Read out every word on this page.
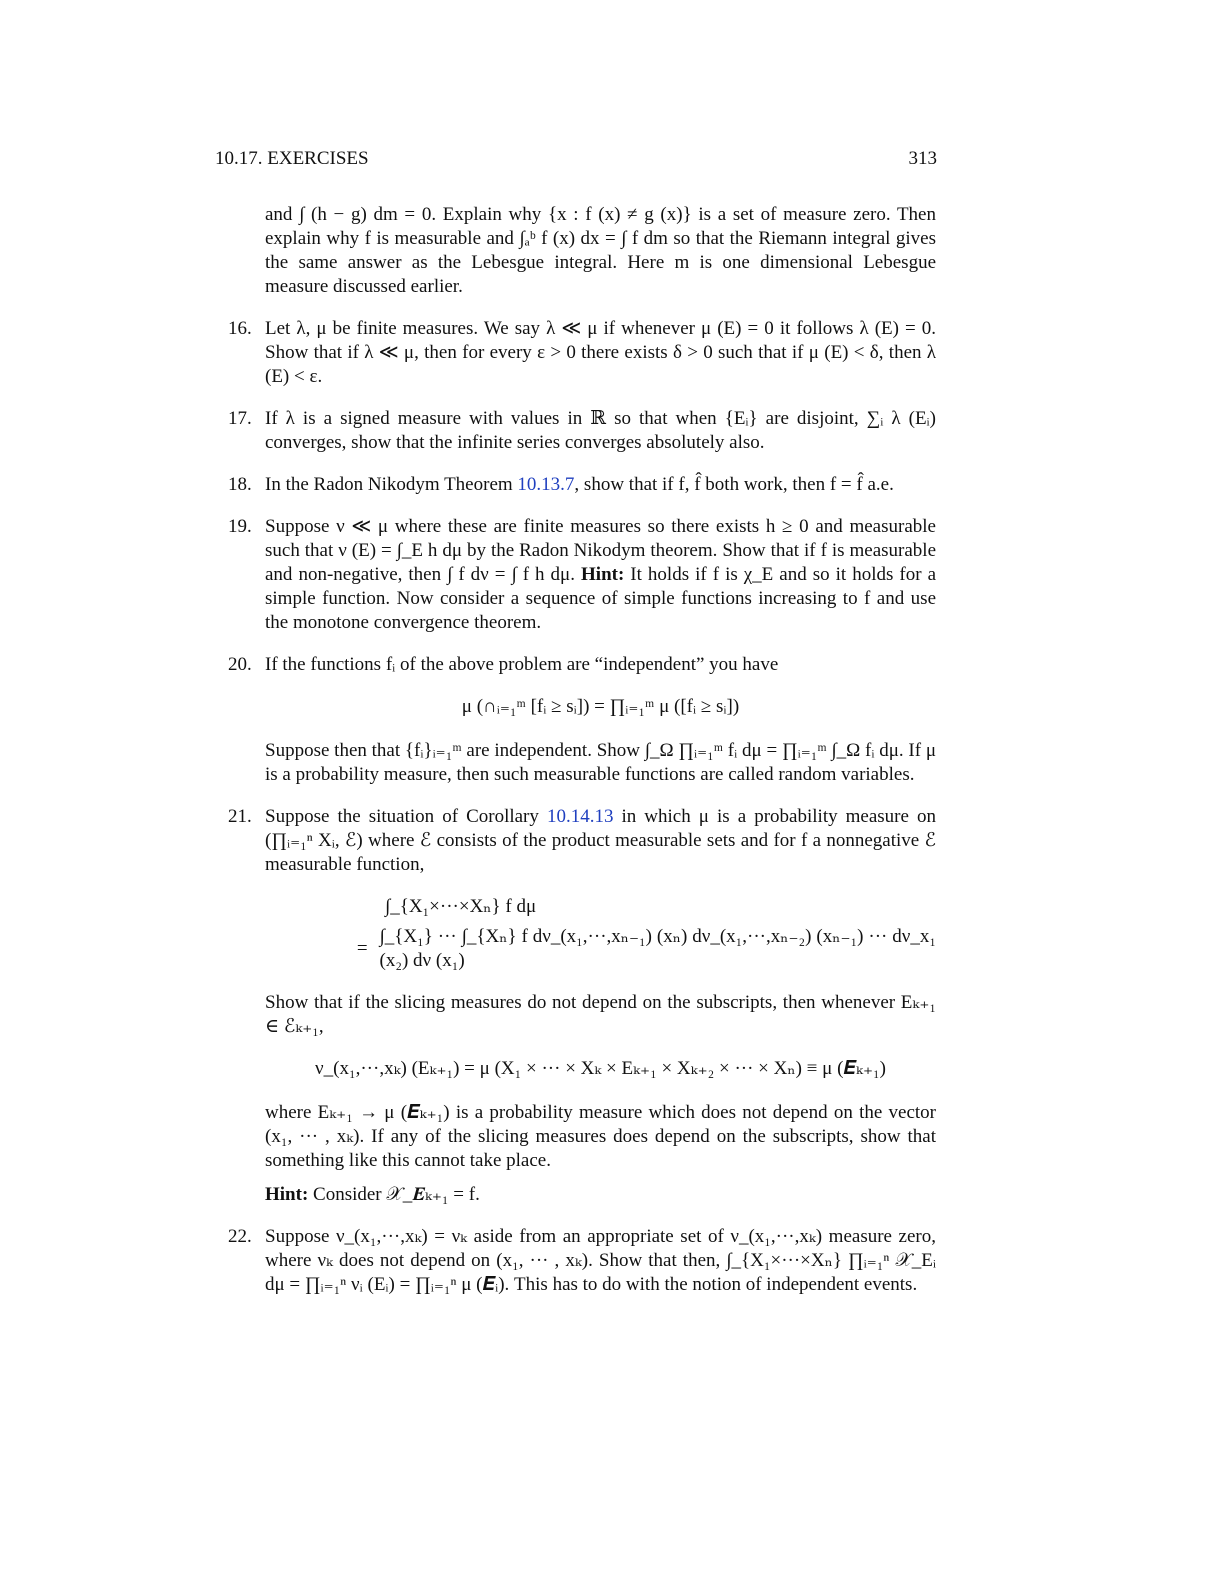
10.17. EXERCISES	313
and ∫ (h − g) dm = 0. Explain why {x : f (x) ≠ g (x)} is a set of measure zero. Then explain why f is measurable and ∫ₐᵇ f (x) dx = ∫ f dm so that the Riemann integral gives the same answer as the Lebesgue integral. Here m is one dimensional Lebesgue measure discussed earlier.
16. Let λ, μ be finite measures. We say λ ≪ μ if whenever μ (E) = 0 it follows λ (E) = 0. Show that if λ ≪ μ, then for every ε > 0 there exists δ > 0 such that if μ (E) < δ, then λ (E) < ε.
17. If λ is a signed measure with values in ℝ so that when {Eᵢ} are disjoint, ∑ᵢ λ (Eᵢ) converges, show that the infinite series converges absolutely also.
18. In the Radon Nikodym Theorem 10.13.7, show that if f, f̂ both work, then f = f̂ a.e.
19. Suppose ν ≪ μ where these are finite measures so there exists h ≥ 0 and measurable such that ν (E) = ∫_E h dμ by the Radon Nikodym theorem. Show that if f is measurable and non-negative, then ∫ f dν = ∫ f h dμ. Hint: It holds if f is χ_E and so it holds for a simple function. Now consider a sequence of simple functions increasing to f and use the monotone convergence theorem.
20. If the functions fᵢ of the above problem are “independent” you have
μ (∩ᵢ₌₁ᵐ [fᵢ ≥ sᵢ]) = ∏ᵢ₌₁ᵐ μ ([fᵢ ≥ sᵢ])
Suppose then that {fᵢ}ᵢ₌₁ᵐ are independent. Show ∫_Ω ∏ᵢ₌₁ᵐ fᵢ dμ = ∏ᵢ₌₁ᵐ ∫_Ω fᵢ dμ. If μ is a probability measure, then such measurable functions are called random variables.
21. Suppose the situation of Corollary 10.14.13 in which μ is a probability measure on (∏ᵢ₌₁ⁿ Xᵢ, ℰ) where ℰ consists of the product measurable sets and for f a nonnegative ℰ measurable function,
∫_{X₁×···×Xₙ} f dμ
=
∫_{X₁} ··· ∫_{Xₙ} f dν_(x₁,···,xₙ₋₁) (xₙ) dν_(x₁,···,xₙ₋₂) (xₙ₋₁) ··· dν_x₁ (x₂) dν (x₁)
Show that if the slicing measures do not depend on the subscripts, then whenever Eₖ₊₁ ∈ ℰₖ₊₁,
ν_(x₁,···,xₖ) (Eₖ₊₁) = μ (X₁ × ··· × Xₖ × Eₖ₊₁ × Xₖ₊₂ × ··· × Xₙ) ≡ μ (𝑬ₖ₊₁)
where Eₖ₊₁ → μ (𝑬ₖ₊₁) is a probability measure which does not depend on the vector (x₁, ··· , xₖ). If any of the slicing measures does depend on the subscripts, show that something like this cannot take place.
Hint: Consider 𝒳_𝑬ₖ₊₁ = f.
22. Suppose ν_(x₁,···,xₖ) = νₖ aside from an appropriate set of ν_(x₁,···,xₖ) measure zero, where νₖ does not depend on (x₁, ··· , xₖ). Show that then, ∫_{X₁×···×Xₙ} ∏ᵢ₌₁ⁿ 𝒳_Eᵢ dμ = ∏ᵢ₌₁ⁿ νᵢ (Eᵢ) = ∏ᵢ₌₁ⁿ μ (𝑬ᵢ). This has to do with the notion of independent events.
